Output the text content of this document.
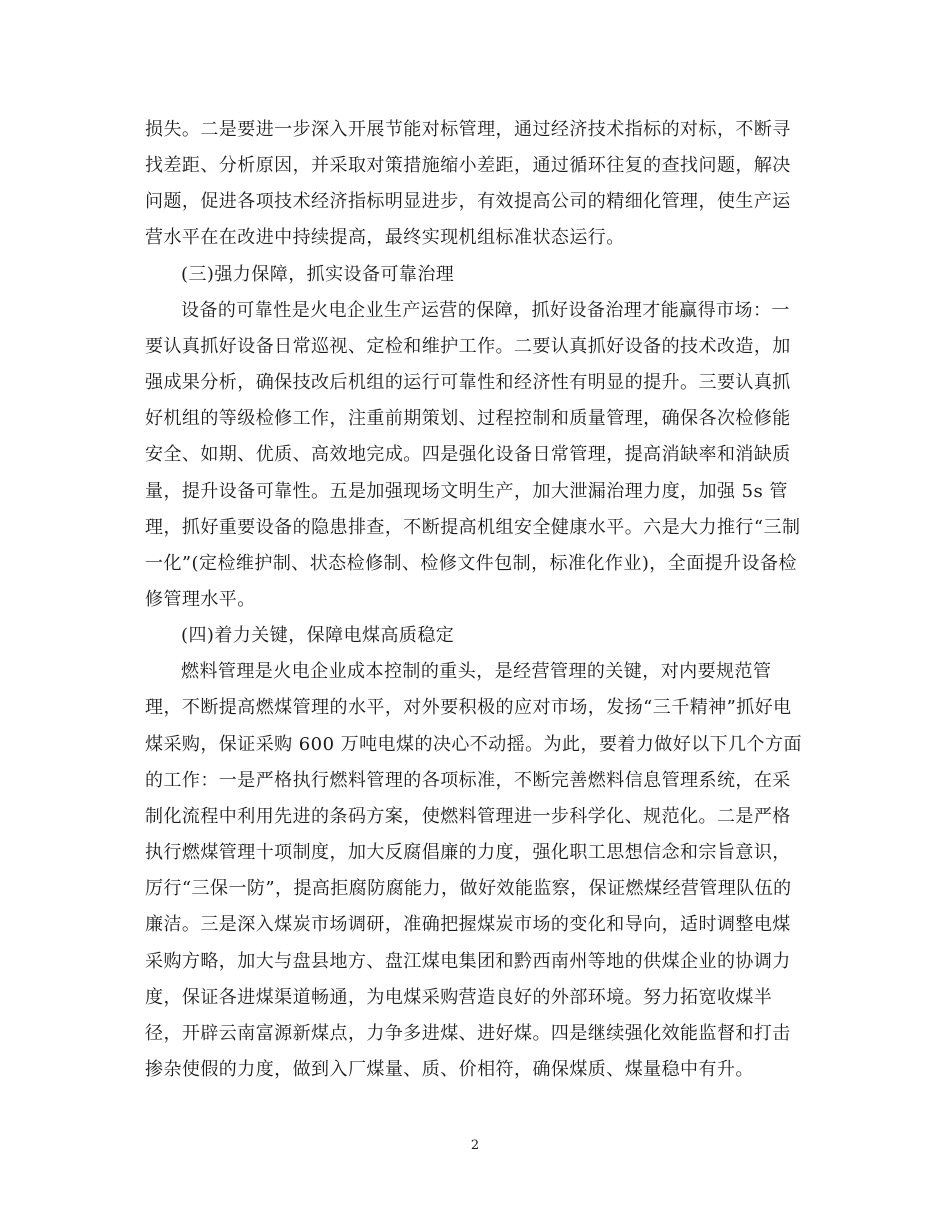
损失。二是要进一步深入开展节能对标管理，通过经济技术指标的对标，不断寻
找差距、分析原因，并采取对策措施缩小差距，通过循环往复的查找问题，解决
问题，促进各项技术经济指标明显进步，有效提高公司的精细化管理，使生产运
营水平在在改进中持续提高，最终实现机组标准状态运行。
(三)强力保障，抓实设备可靠治理
设备的可靠性是火电企业生产运营的保障，抓好设备治理才能赢得市场：一
要认真抓好设备日常巡视、定检和维护工作。二要认真抓好设备的技术改造，加
强成果分析，确保技改后机组的运行可靠性和经济性有明显的提升。三要认真抓
好机组的等级检修工作，注重前期策划、过程控制和质量管理，确保各次检修能
安全、如期、优质、高效地完成。四是强化设备日常管理，提高消缺率和消缺质
量，提升设备可靠性。五是加强现场文明生产，加大泄漏治理力度，加强 5s 管
理，抓好重要设备的隐患排查，不断提高机组安全健康水平。六是大力推行“三制
一化”(定检维护制、状态检修制、检修文件包制，标准化作业)，全面提升设备检
修管理水平。
(四)着力关键，保障电煤高质稳定
燃料管理是火电企业成本控制的重头，是经营管理的关键，对内要规范管
理，不断提高燃煤管理的水平，对外要积极的应对市场，发扬“三千精神”抓好电
煤采购，保证采购 600 万吨电煤的决心不动摇。为此，要着力做好以下几个方面
的工作：一是严格执行燃料管理的各项标准，不断完善燃料信息管理系统，在采
制化流程中利用先进的条码方案，使燃料管理进一步科学化、规范化。二是严格
执行燃煤管理十项制度，加大反腐倡廉的力度，强化职工思想信念和宗旨意识，
厉行“三保一防”，提高拒腐防腐能力，做好效能监察，保证燃煤经营管理队伍的
廉洁。三是深入煤炭市场调研，准确把握煤炭市场的变化和导向，适时调整电煤
采购方略，加大与盘县地方、盘江煤电集团和黔西南州等地的供煤企业的协调力
度，保证各进煤渠道畅通，为电煤采购营造良好的外部环境。努力拓宽收煤半
径，开辟云南富源新煤点，力争多进煤、进好煤。四是继续强化效能监督和打击
掺杂使假的力度，做到入厂煤量、质、价相符，确保煤质、煤量稳中有升。
2
